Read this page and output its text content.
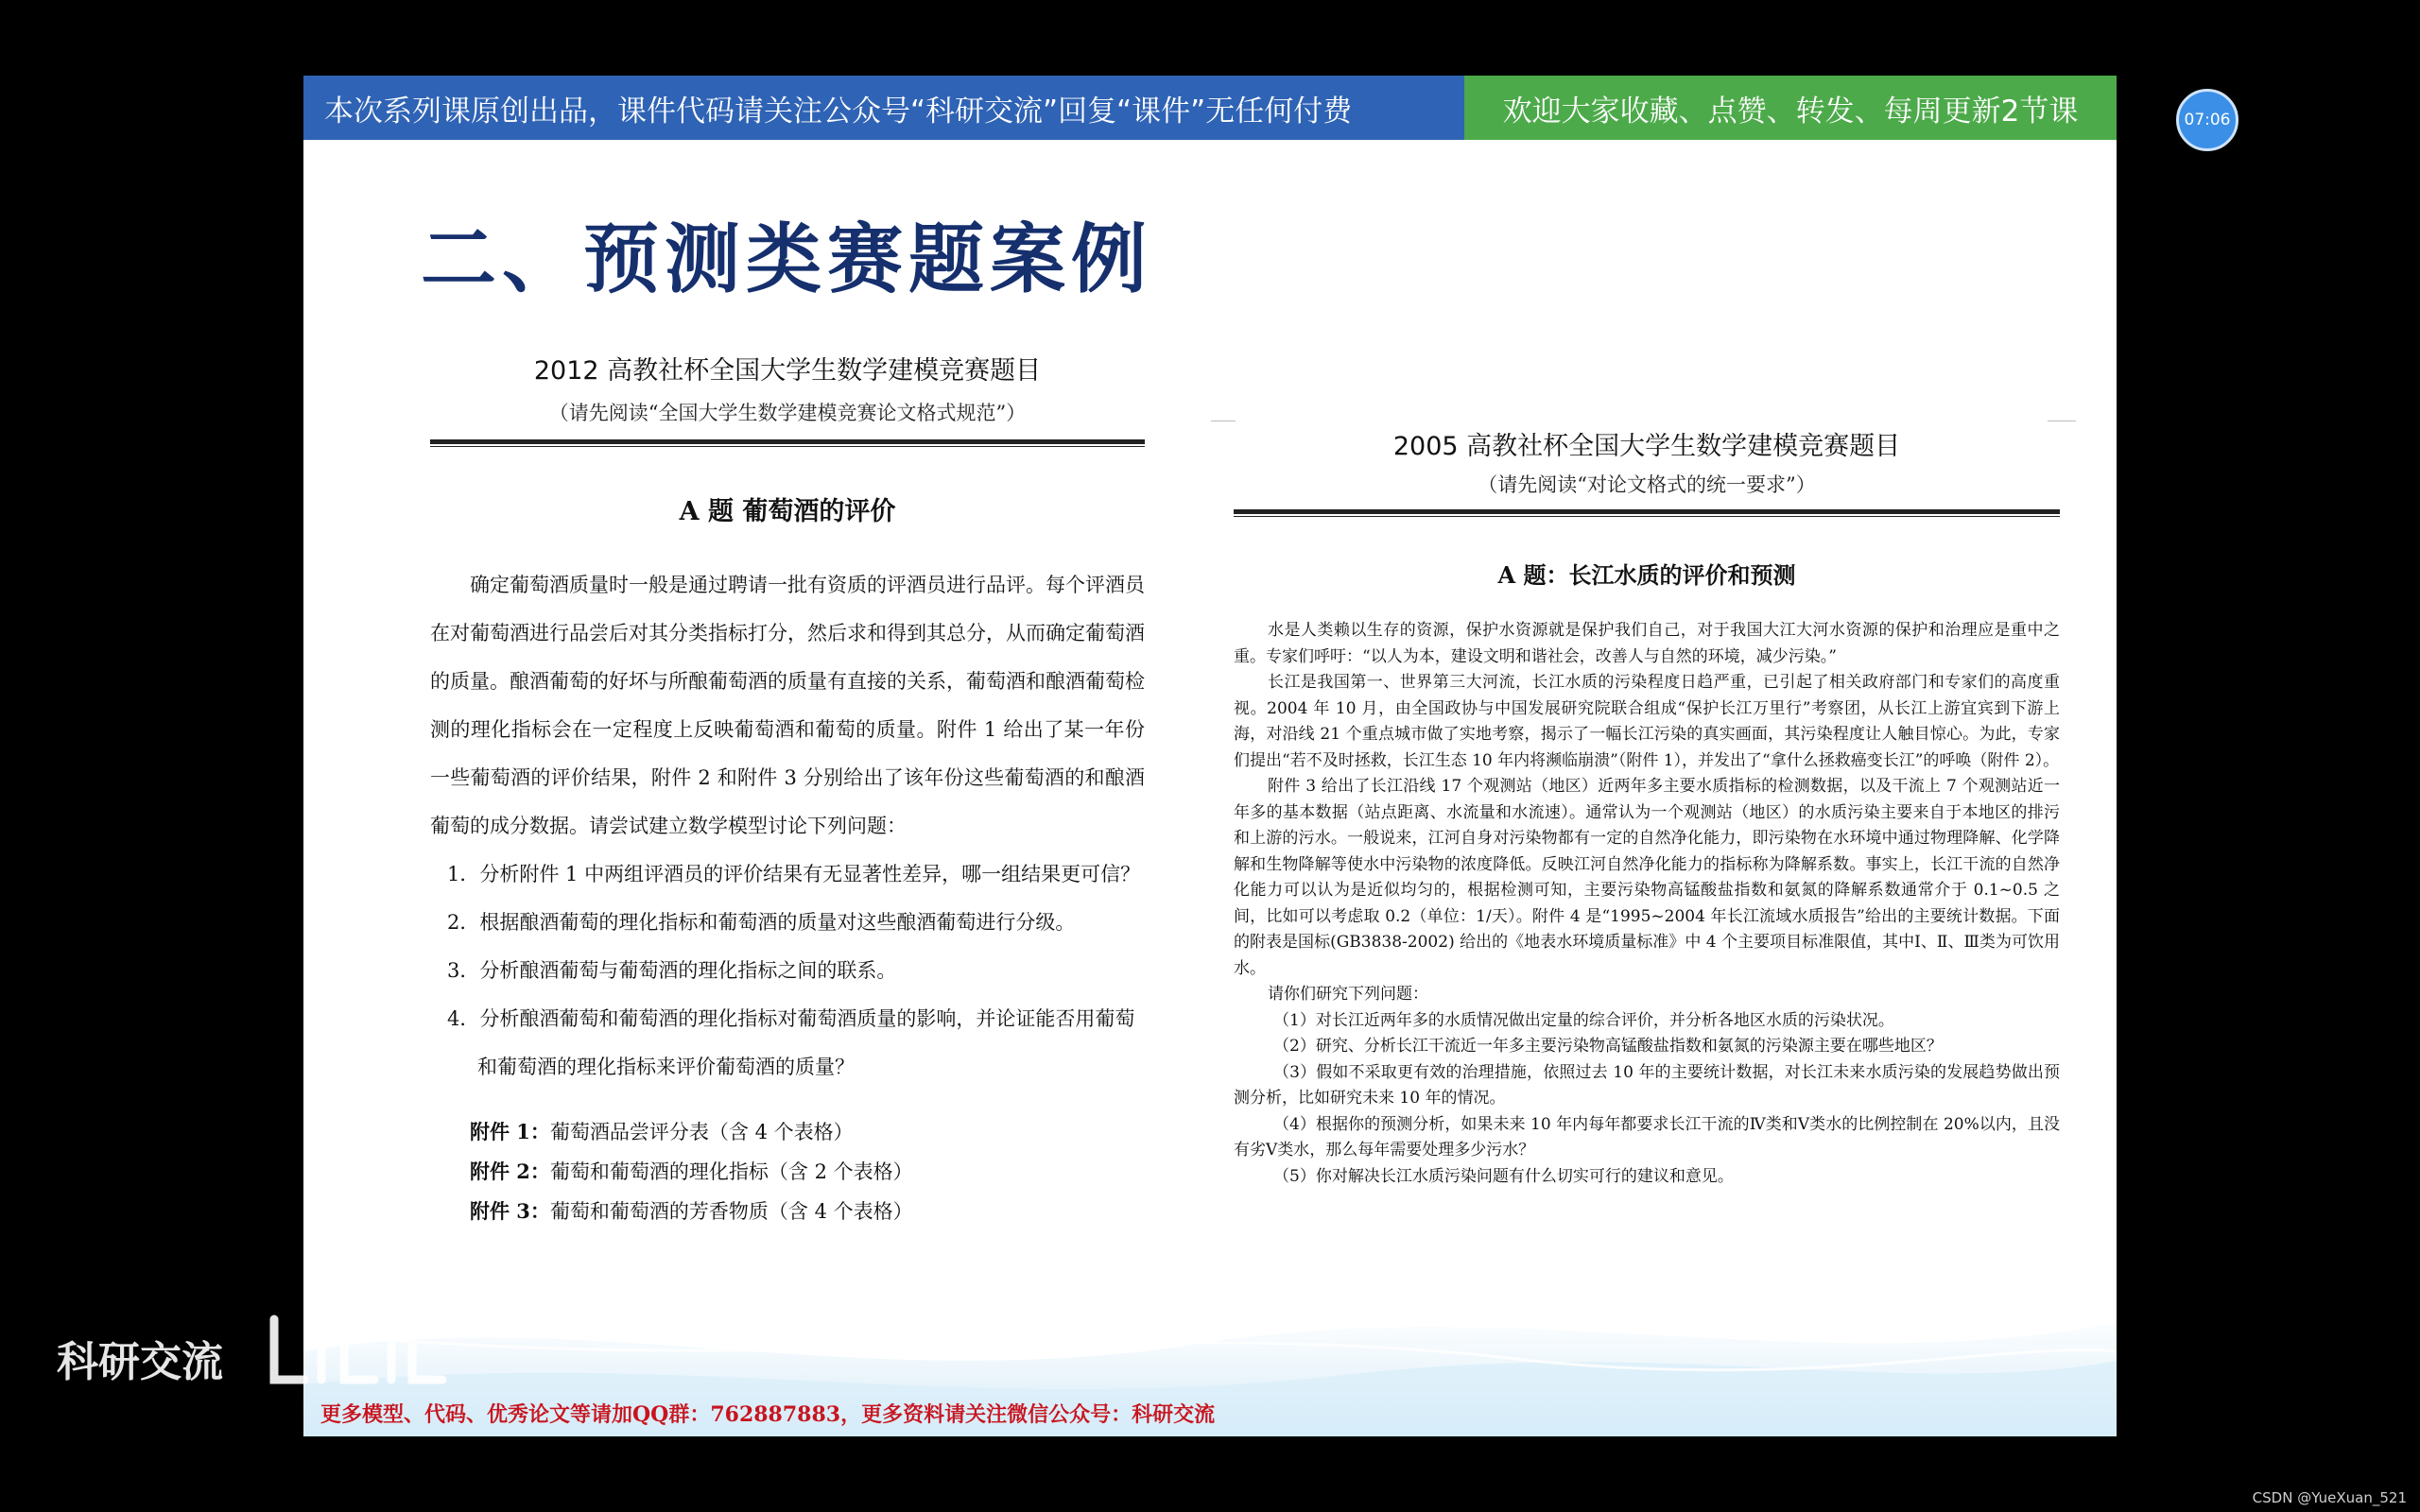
本次系列课原创出品，课件代码请关注公众号“科研交流”回复“课件”无任何付费	欢迎大家收藏、点赞、转发、每周更新2节课
二、预测类赛题案例
2012 高教社杯全国大学生数学建模竞赛题目
（请先阅读“全国大学生数学建模竞赛论文格式规范”）
A 题 葡萄酒的评价
确定葡萄酒质量时一般是通过聘请一批有资质的评酒员进行品评。每个评酒员在对葡萄酒进行品尝后对其分类指标打分，然后求和得到其总分，从而确定葡萄酒的质量。酿酒葡萄的好坏与所酿葡萄酒的质量有直接的关系，葡萄酒和酿酒葡萄检测的理化指标会在一定程度上反映葡萄酒和葡萄的质量。附件 1 给出了某一年份一些葡萄酒的评价结果，附件 2 和附件 3 分别给出了该年份这些葡萄酒的和酿酒葡萄的成分数据。请尝试建立数学模型讨论下列问题：
1．分析附件 1 中两组评酒员的评价结果有无显著性差异，哪一组结果更可信？
2．根据酿酒葡萄的理化指标和葡萄酒的质量对这些酿酒葡萄进行分级。
3．分析酿酒葡萄与葡萄酒的理化指标之间的联系。
4．分析酿酒葡萄和葡萄酒的理化指标对葡萄酒质量的影响，并论证能否用葡萄和葡萄酒的理化指标来评价葡萄酒的质量？
附件 1：葡萄酒品尝评分表（含 4 个表格）
附件 2：葡萄和葡萄酒的理化指标（含 2 个表格）
附件 3：葡萄和葡萄酒的芳香物质（含 4 个表格）
2005 高教社杯全国大学生数学建模竞赛题目
（请先阅读“对论文格式的统一要求”）
A 题：长江水质的评价和预测

水是人类赖以生存的资源，保护水资源就是保护我们自己，对于我国大江大河水资源的保护和治理应是重中之重。专家们呼吁：“以人为本，建设文明和谐社会，改善人与自然的环境，减少污染。”

长江是我国第一、世界第三大河流，长江水质的污染程度日趋严重，已引起了相关政府部门和专家们的高度重视。2004 年 10 月，由全国政协与中国发展研究院联合组成“保护长江万里行”考察团，从长江上游宜宾到下游上海，对沿线 21 个重点城市做了实地考察，揭示了一幅长江污染的真实画面，其污染程度让人触目惊心。为此，专家们提出“若不及时拯救，长江生态 10 年内将濒临崩溃”（附件 1），并发出了“拿什么拯救癌变长江”的呼唤（附件 2）。

附件 3 给出了长江沿线 17 个观测站（地区）近两年多主要水质指标的检测数据，以及干流上 7 个观测站近一年多的基本数据（站点距离、水流量和水流速）。通常认为一个观测站（地区）的水质污染主要来自于本地区的排污和上游的污水。一般说来，江河自身对污染物都有一定的自然净化能力，即污染物在水环境中通过物理降解、化学降解和生物降解等使水中污染物的浓度降低。反映江河自然净化能力的指标称为降解系数。事实上，长江干流的自然净化能力可以认为是近似均匀的，根据检测可知，主要污染物高锰酸盐指数和氨氮的降解系数通常介于 0.1~0.5 之间，比如可以考虑取 0.2（单位：1/天）。附件 4 是“1995~2004 年长江流域水质报告”给出的主要统计数据。下面的附表是国标(GB3838-2002) 给出的《地表水环境质量标准》中 4 个主要项目标准限值，其中Ⅰ、Ⅱ、Ⅲ类为可饮用水。

请你们研究下列问题：

（1）对长江近两年多的水质情况做出定量的综合评价，并分析各地区水质的污染状况。

（2）研究、分析长江干流近一年多主要污染物高锰酸盐指数和氨氮的污染源主要在哪些地区？

（3）假如不采取更有效的治理措施，依照过去 10 年的主要统计数据，对长江未来水质污染的发展趋势做出预测分析，比如研究未来 10 年的情况。

（4）根据你的预测分析，如果未来 10 年内每年都要求长江干流的Ⅳ类和Ⅴ类水的比例控制在 20%以内，且没有劣Ⅴ类水，那么每年需要处理多少污水？

（5）你对解决长江水质污染问题有什么切实可行的建议和意见。

更多模型、代码、优秀论文等请加QQ群：762887883，更多资料请关注微信公众号：科研交流
07:06
科研交流
CSDN @YueXuan_521
